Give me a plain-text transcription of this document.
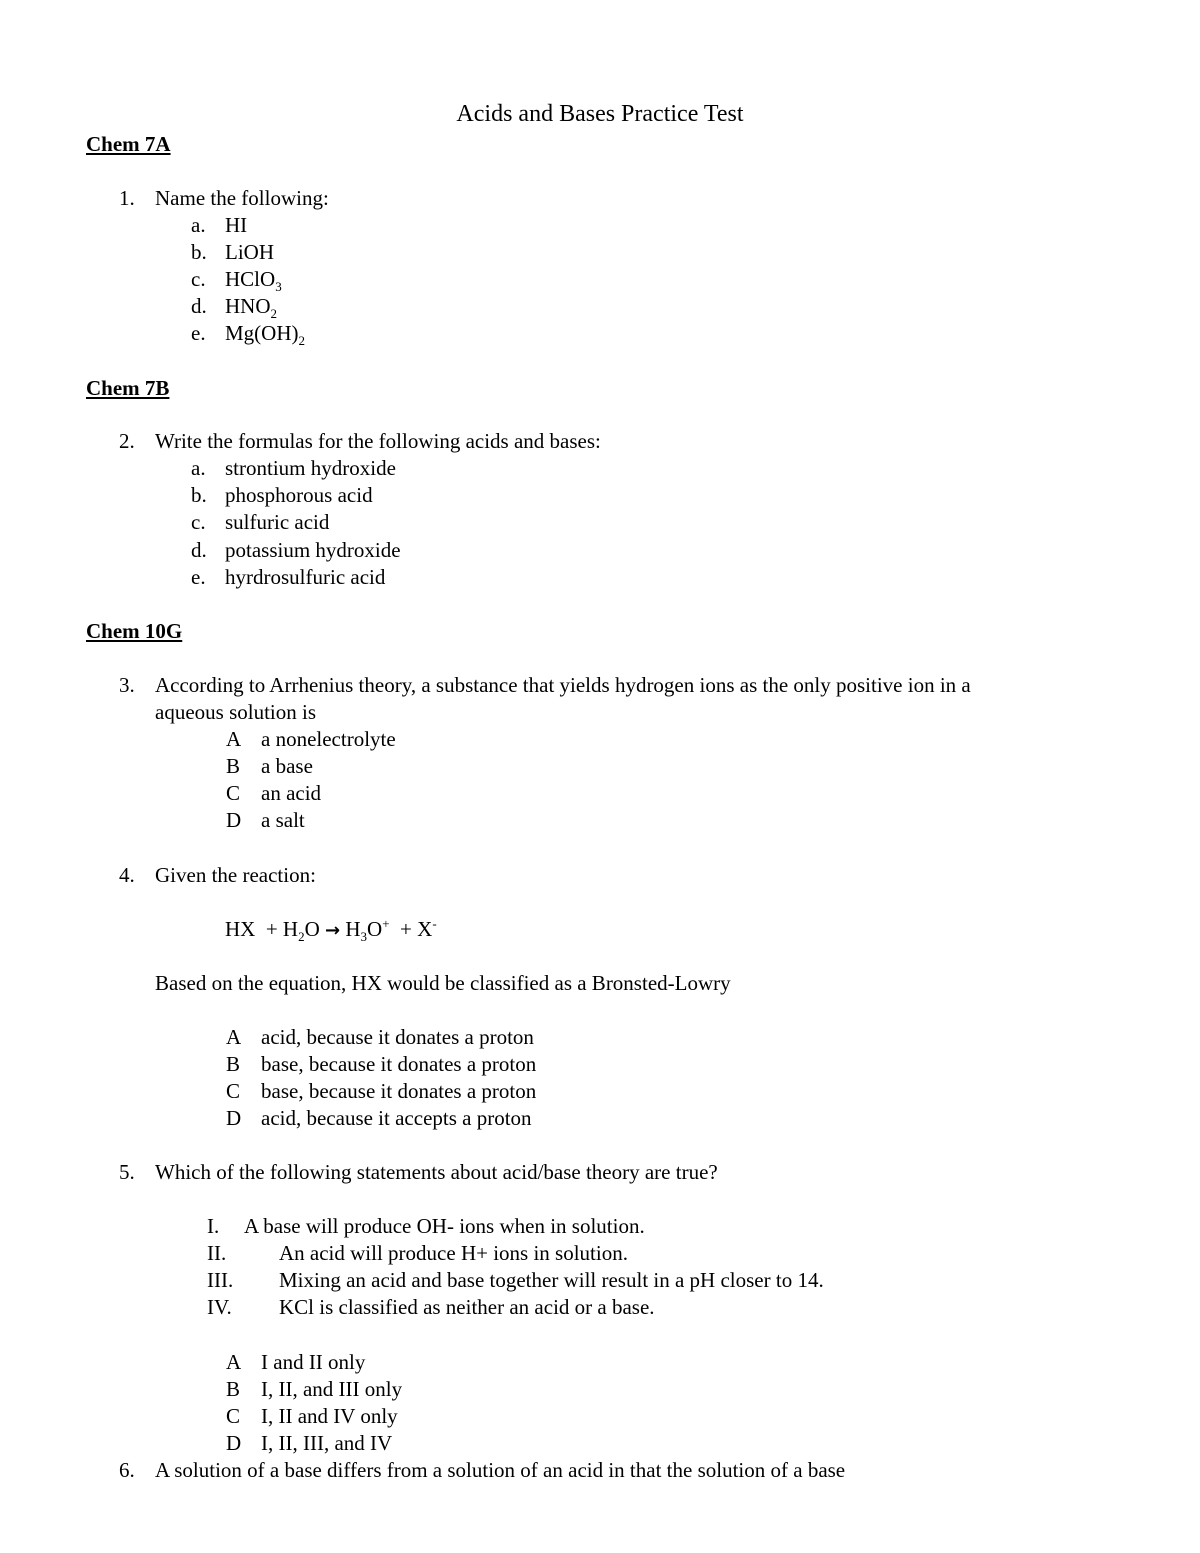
Acids and Bases Practice Test
Chem 7A
1. Name the following:
a. HI
b. LiOH
c. HClO$_3$
d. $HNO_2$
e. $Mg(OH)_2$
Chem 7B
2. Write the formulas for the following acids and bases:
a. strontium hydroxide
b. phosphorous acid
c. sulfuric acid
d. potassium hydroxide
e. hyrdrosulfuric acid
Chem 10G
3. According to Arrhenius theory, a substance that yields hydrogen ions as the only positive ion in a
aqueous solution is
A a nonelectrolyte
B a base
C an acid
D a salt
4. Given the reaction:
HX  + $H_2O \to H_3O^+ + X^-$
Based on the equation, HX would be classified as a Bronsted-Lowry
A acid, because it donates a proton
B base, because it donates a proton
C base, because it donates a proton
D acid, because it accepts a proton
5. Which of the following statements about acid/base theory are true?
I. A base will produce OH- ions when in solution.
II.	An acid will produce H+ ions in solution.
III. Mixing an acid and base together will result in a pH closer to 14.
IV. KCl is classified as neither an acid or a base.
A I and II only
B I, II, and III only
C I, II and IV only
D I, II, III, and IV
6. A solution of a base differs from a solution of an acid in that the solution of a base
